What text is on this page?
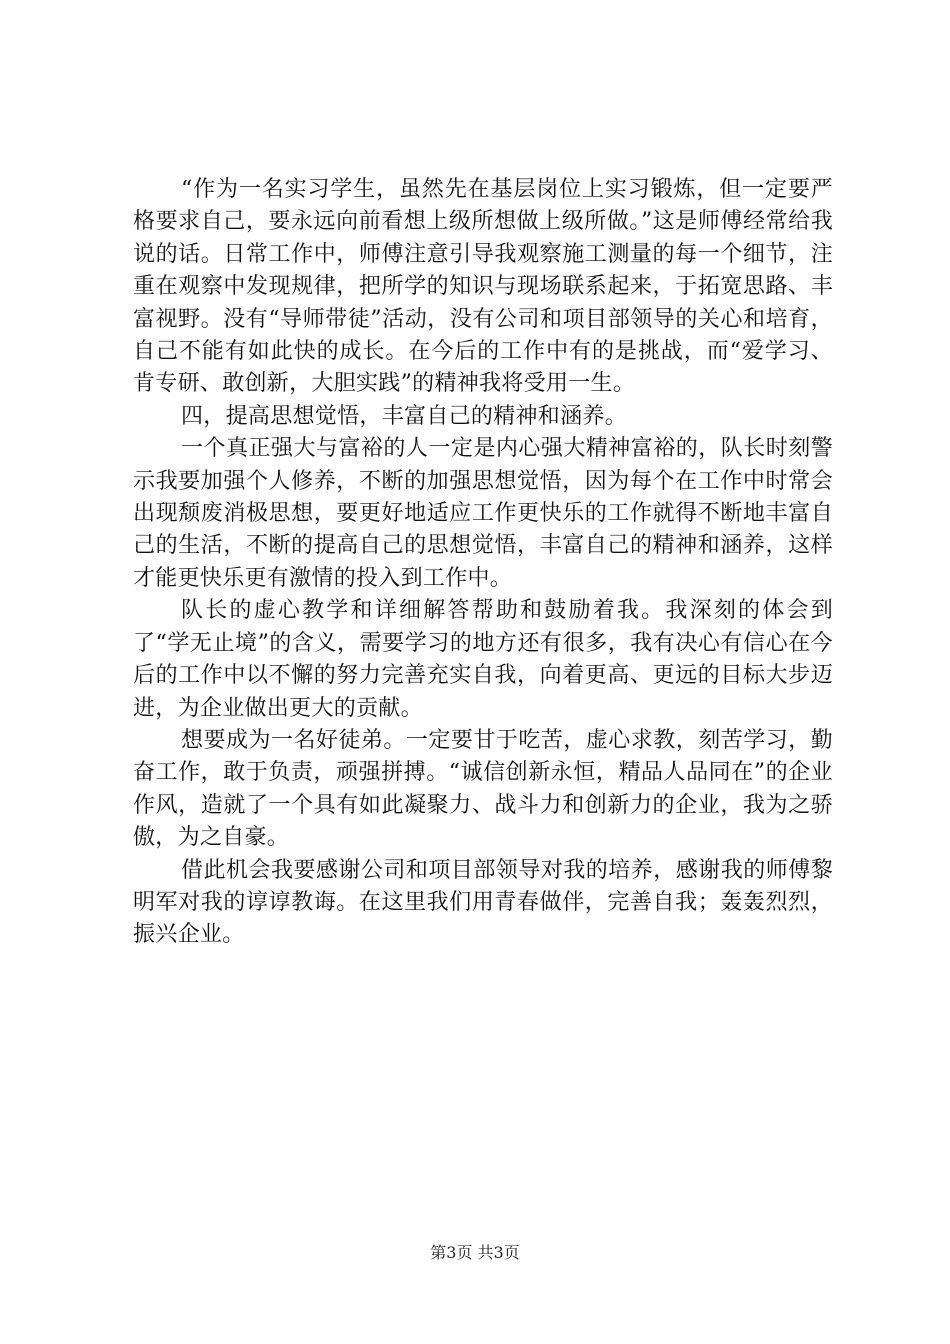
“作为一名实习学生，虽然先在基层岗位上实习锻炼，但一定要严格要求自己，要永远向前看想上级所想做上级所做。”这是师傅经常给我说的话。日常工作中，师傅注意引导我观察施工测量的每一个细节，注重在观察中发现规律，把所学的知识与现场联系起来，于拓宽思路、丰富视野。没有“导师带徒”活动，没有公司和项目部领导的关心和培育，自己不能有如此快的成长。在今后的工作中有的是挑战，而“爱学习、肯专研、敢创新，大胆实践”的精神我将受用一生。

四，提高思想觉悟，丰富自己的精神和涵养。

一个真正强大与富裕的人一定是内心强大精神富裕的，队长时刻警示我要加强个人修养，不断的加强思想觉悟，因为每个在工作中时常会出现颓废消极思想，要更好地适应工作更快乐的工作就得不断地丰富自己的生活，不断的提高自己的思想觉悟，丰富自己的精神和涵养，这样才能更快乐更有激情的投入到工作中。

队长的虚心教学和详细解答帮助和鼓励着我。我深刻的体会到了“学无止境”的含义，需要学习的地方还有很多，我有决心有信心在今后的工作中以不懈的努力完善充实自我，向着更高、更远的目标大步迈进，为企业做出更大的贡献。

想要成为一名好徒弟。一定要甘于吃苦，虚心求教，刻苦学习，勤奋工作，敢于负责，顽强拼搏。“诚信创新永恒，精品人品同在”的企业作风，造就了一个具有如此凝聚力、战斗力和创新力的企业，我为之骄傲，为之自豪。

借此机会我要感谢公司和项目部领导对我的培养，感谢我的师傅黎明军对我的谆谆教诲。在这里我们用青春做伴，完善自我；轰轰烈烈，振兴企业。

第3页 共3页
